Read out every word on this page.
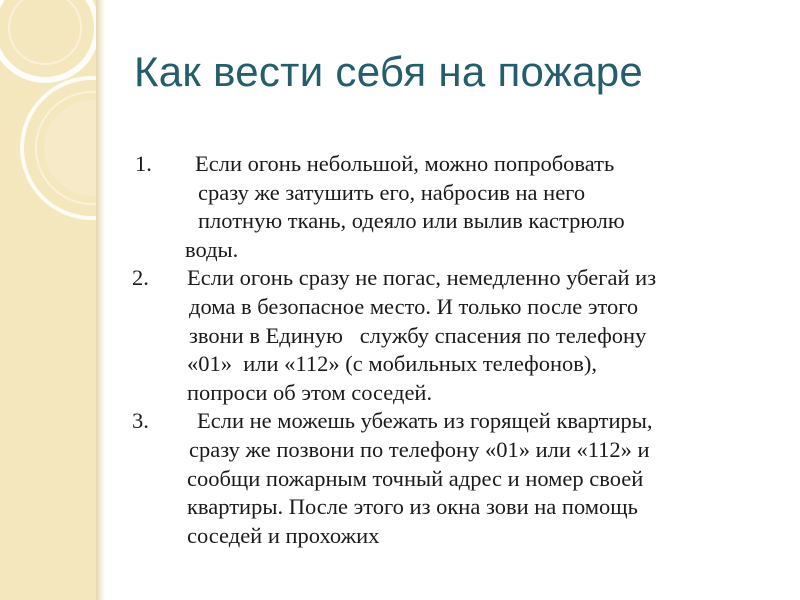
Как вести себя на пожаре
1. Если огонь небольшой, можно попробовать
сразу же затушить его, набросив на него
плотную ткань, одеяло или вылив кастрюлю
воды.
2. Если огонь сразу не погас, немедленно убегай из
дома в безопасное место. И только после этого
звони в Единую   службу спасения по телефону
«01»  или «112» (с мобильных телефонов),
попроси об этом соседей.
3. Если не можешь убежать из горящей квартиры,
сразу же позвони по телефону «01» или «112» и
сообщи пожарным точный адрес и номер своей
квартиры. После этого из окна зови на помощь
соседей и прохожих
